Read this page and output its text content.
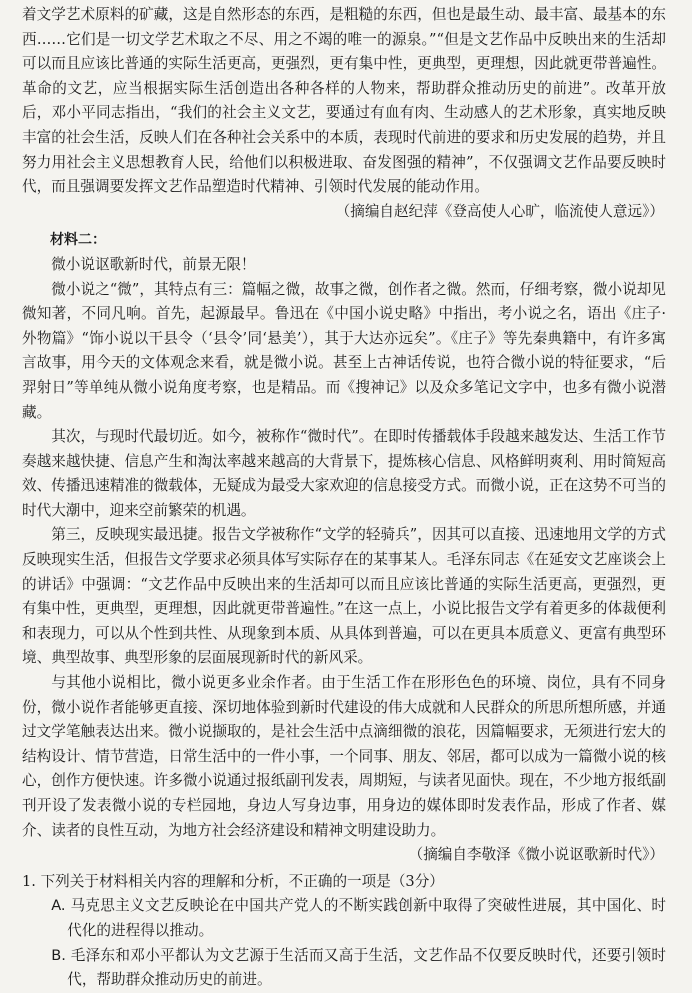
着文学艺术原料的矿藏，这是自然形态的东西，是粗糙的东西，但也是最生动、最丰富、最基本的东西……它们是一切文学艺术取之不尽、用之不竭的唯一的源泉。”“但是文艺作品中反映出来的生活却可以而且应该比普通的实际生活更高，更强烈，更有集中性，更典型，更理想，因此就更带普遍性。革命的文艺，应当根据实际生活创造出各种各样的人物来，帮助群众推动历史的前进”。改革开放后，邓小平同志指出，“我们的社会主义文艺，要通过有血有肉、生动感人的艺术形象，真实地反映丰富的社会生活，反映人们在各种社会关系中的本质，表现时代前进的要求和历史发展的趋势，并且努力用社会主义思想教育人民，给他们以积极进取、奋发图强的精神”，不仅强调文艺作品要反映时代，而且强调要发挥文艺作品塑造时代精神、引领时代发展的能动作用。

（摘编自赵纪萍《登高使人心旷，临流使人意远》）

材料二：

微小说讴歌新时代，前景无限！

微小说之“微”，其特点有三：篇幅之微，故事之微，创作者之微。然而，仔细考察，微小说却见微知著，不同凡响。首先，起源最早。鲁迅在《中国小说史略》中指出，考小说之名，语出《庄子·外物篇》“饰小说以干县令（‘县令’同‘悬美’），其于大达亦远矣”。《庄子》等先秦典籍中，有许多寓言故事，用今天的文体观念来看，就是微小说。甚至上古神话传说，也符合微小说的特征要求，“后羿射日”等单纯从微小说角度考察，也是精品。而《搜神记》以及众多笔记文字中，也多有微小说潜藏。

其次，与现时代最切近。如今，被称作“微时代”。在即时传播载体手段越来越发达、生活工作节奏越来越快捷、信息产生和淘汰率越来越高的大背景下，提炼核心信息、风格鲜明爽利、用时简短高效、传播迅速精准的微载体，无疑成为最受大家欢迎的信息接受方式。而微小说，正在这势不可当的时代大潮中，迎来空前繁荣的机遇。

第三，反映现实最迅捷。报告文学被称作“文学的轻骑兵”，因其可以直接、迅速地用文学的方式反映现实生活，但报告文学要求必须具体写实际存在的某事某人。毛泽东同志《在延安文艺座谈会上的讲话》中强调：“文艺作品中反映出来的生活却可以而且应该比普通的实际生活更高，更强烈，更有集中性，更典型，更理想，因此就更带普遍性。”在这一点上，小说比报告文学有着更多的体裁便利和表现力，可以从个性到共性、从现象到本质、从具体到普遍，可以在更具本质意义、更富有典型环境、典型故事、典型形象的层面展现新时代的新风采。

与其他小说相比，微小说更多业余作者。由于生活工作在形形色色的环境、岗位，具有不同身份，微小说作者能够更直接、深切地体验到新时代建设的伟大成就和人民群众的所思所想所感，并通过文学笔触表达出来。微小说撷取的，是社会生活中点滴细微的浪花，因篇幅要求，无须进行宏大的结构设计、情节营造，日常生活中的一件小事，一个同事、朋友、邻居，都可以成为一篇微小说的核心，创作方便快速。许多微小说通过报纸副刊发表，周期短，与读者见面快。现在，不少地方报纸副刊开设了发表微小说的专栏园地，身边人写身边事，用身边的媒体即时发表作品，形成了作者、媒介、读者的良性互动，为地方社会经济建设和精神文明建设助力。

（摘编自李敬泽《微小说讴歌新时代》）

1. 下列关于材料相关内容的理解和分析，不正确的一项是（3分）

A. 马克思主义文艺反映论在中国共产党人的不断实践创新中取得了突破性进展，其中国化、时代化的进程得以推动。

B. 毛泽东和邓小平都认为文艺源于生活而又高于生活，文艺作品不仅要反映时代，还要引领时代，帮助群众推动历史的前进。
